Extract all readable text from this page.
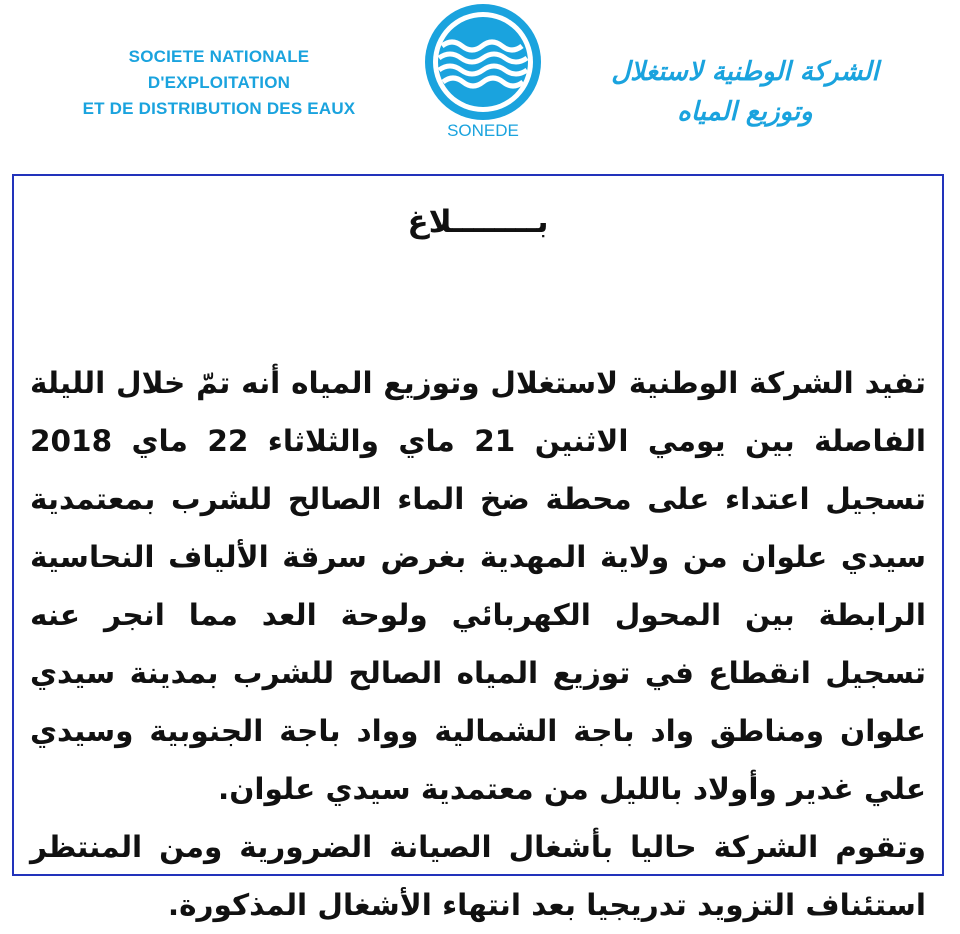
SOCIETE NATIONALE D'EXPLOITATION
ET DE DISTRIBUTION DES EAUX
SONEDE
الشركة الوطنية لاستغلال وتوزيع المياه
بــــــــلاغ

تفيد الشركة الوطنية لاستغلال وتوزيع المياه أنه تمّ خلال الليلة الفاصلة بين يومي الاثنين 21 ماي والثلاثاء 22 ماي 2018 تسجيل اعتداء على محطة ضخ الماء الصالح للشرب بمعتمدية سيدي علوان من ولاية المهدية بغرض سرقة الألياف النحاسية الرابطة بين المحول الكهربائي ولوحة العد مما انجر عنه تسجيل انقطاع في توزيع المياه الصالح للشرب بمدينة سيدي علوان ومناطق واد باجة الشمالية وواد باجة الجنوبية وسيدي علي غدير وأولاد بالليل من معتمدية سيدي علوان.

وتقوم الشركة حاليا بأشغال الصيانة الضرورية ومن المنتظر استئناف التزويد تدريجيا بعد انتهاء الأشغال المذكورة.
